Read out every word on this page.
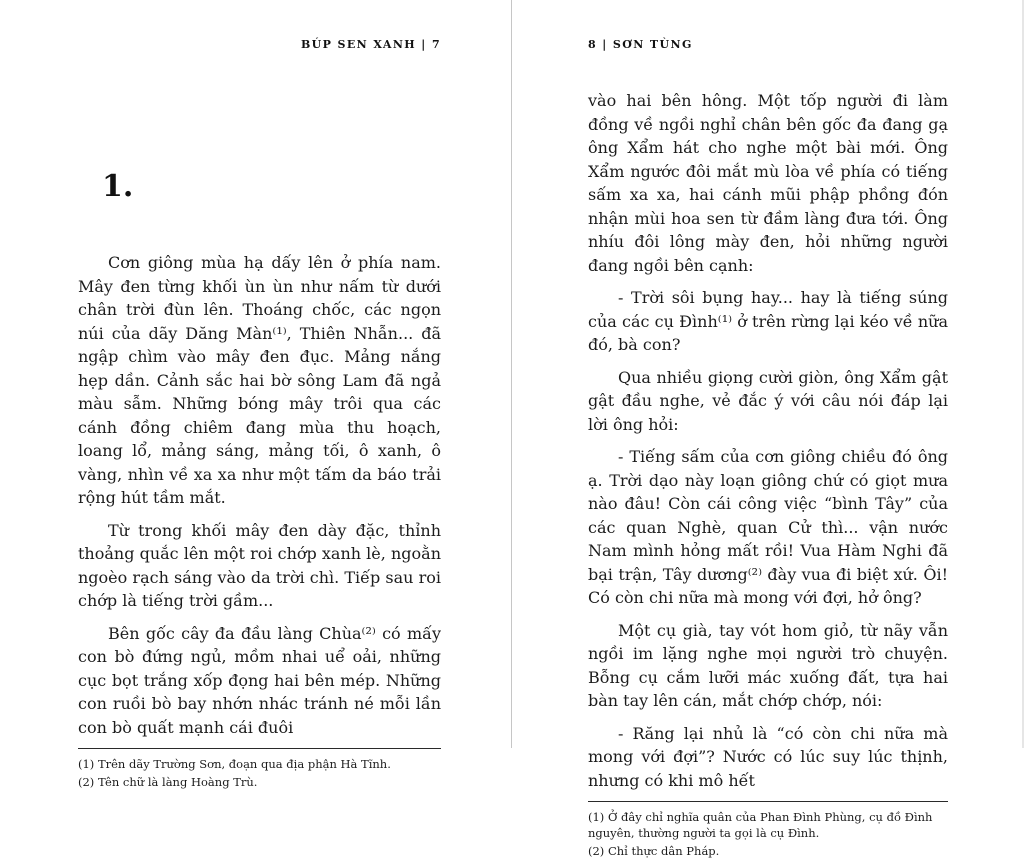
BÚP SEN XANH | 7
1.

Cơn giông mùa hạ dấy lên ở phía nam. Mây đen từng khối ùn ùn như nấm từ dưới chân trời đùn lên. Thoáng chốc, các ngọn núi của dãy Dăng Màn⁽¹⁾, Thiên Nhẫn... đã ngập chìm vào mây đen đục. Mảng nắng hẹp dần. Cảnh sắc hai bờ sông Lam đã ngả màu sẫm. Những bóng mây trôi qua các cánh đồng chiêm đang mùa thu hoạch, loang lổ, mảng sáng, mảng tối, ô xanh, ô vàng, nhìn về xa xa như một tấm da báo trải rộng hút tầm mắt.

Từ trong khối mây đen dày đặc, thỉnh thoảng quắc lên một roi chớp xanh lè, ngoằn ngoèo rạch sáng vào da trời chì. Tiếp sau roi chớp là tiếng trời gầm...

Bên gốc cây đa đầu làng Chùa⁽²⁾ có mấy con bò đứng ngủ, mồm nhai uể oải, những cục bọt trắng xốp đọng hai bên mép. Những con ruồi bò bay nhớn nhác tránh né mỗi lần con bò quất mạnh cái đuôi

(1) Trên dãy Trường Sơn, đoạn qua địa phận Hà Tĩnh.

(2) Tên chữ là làng Hoàng Trù.

8 | SƠN TÙNG

vào hai bên hông. Một tốp người đi làm đồng về ngồi nghỉ chân bên gốc đa đang gạ ông Xẩm hát cho nghe một bài mới. Ông Xẩm ngước đôi mắt mù lòa về phía có tiếng sấm xa xa, hai cánh mũi phập phồng đón nhận mùi hoa sen từ đầm làng đưa tới. Ông nhíu đôi lông mày đen, hỏi những người đang ngồi bên cạnh:

- Trời sôi bụng hay... hay là tiếng súng của các cụ Đình⁽¹⁾ ở trên rừng lại kéo về nữa đó, bà con?

Qua nhiều giọng cười giòn, ông Xẩm gật gật đầu nghe, vẻ đắc ý với câu nói đáp lại lời ông hỏi:

- Tiếng sấm của cơn giông chiều đó ông ạ. Trời dạo này loạn giông chứ có giọt mưa nào đâu! Còn cái công việc “bình Tây” của các quan Nghè, quan Cử thì... vận nước Nam mình hỏng mất rồi! Vua Hàm Nghi đã bại trận, Tây dương⁽²⁾ đày vua đi biệt xứ. Ôi! Có còn chi nữa mà mong với đợi, hở ông?

Một cụ già, tay vót hom giỏ, từ nãy vẫn ngồi im lặng nghe mọi người trò chuyện. Bỗng cụ cắm lưỡi mác xuống đất, tựa hai bàn tay lên cán, mắt chớp chớp, nói:

- Răng lại nhủ là “có còn chi nữa mà mong với đợi”? Nước có lúc suy lúc thịnh, nhưng có khi mô hết

(1) Ở đây chỉ nghĩa quân của Phan Đình Phùng, cụ đồ Đình nguyên, thường người ta gọi là cụ Đình.

(2) Chỉ thực dân Pháp.
